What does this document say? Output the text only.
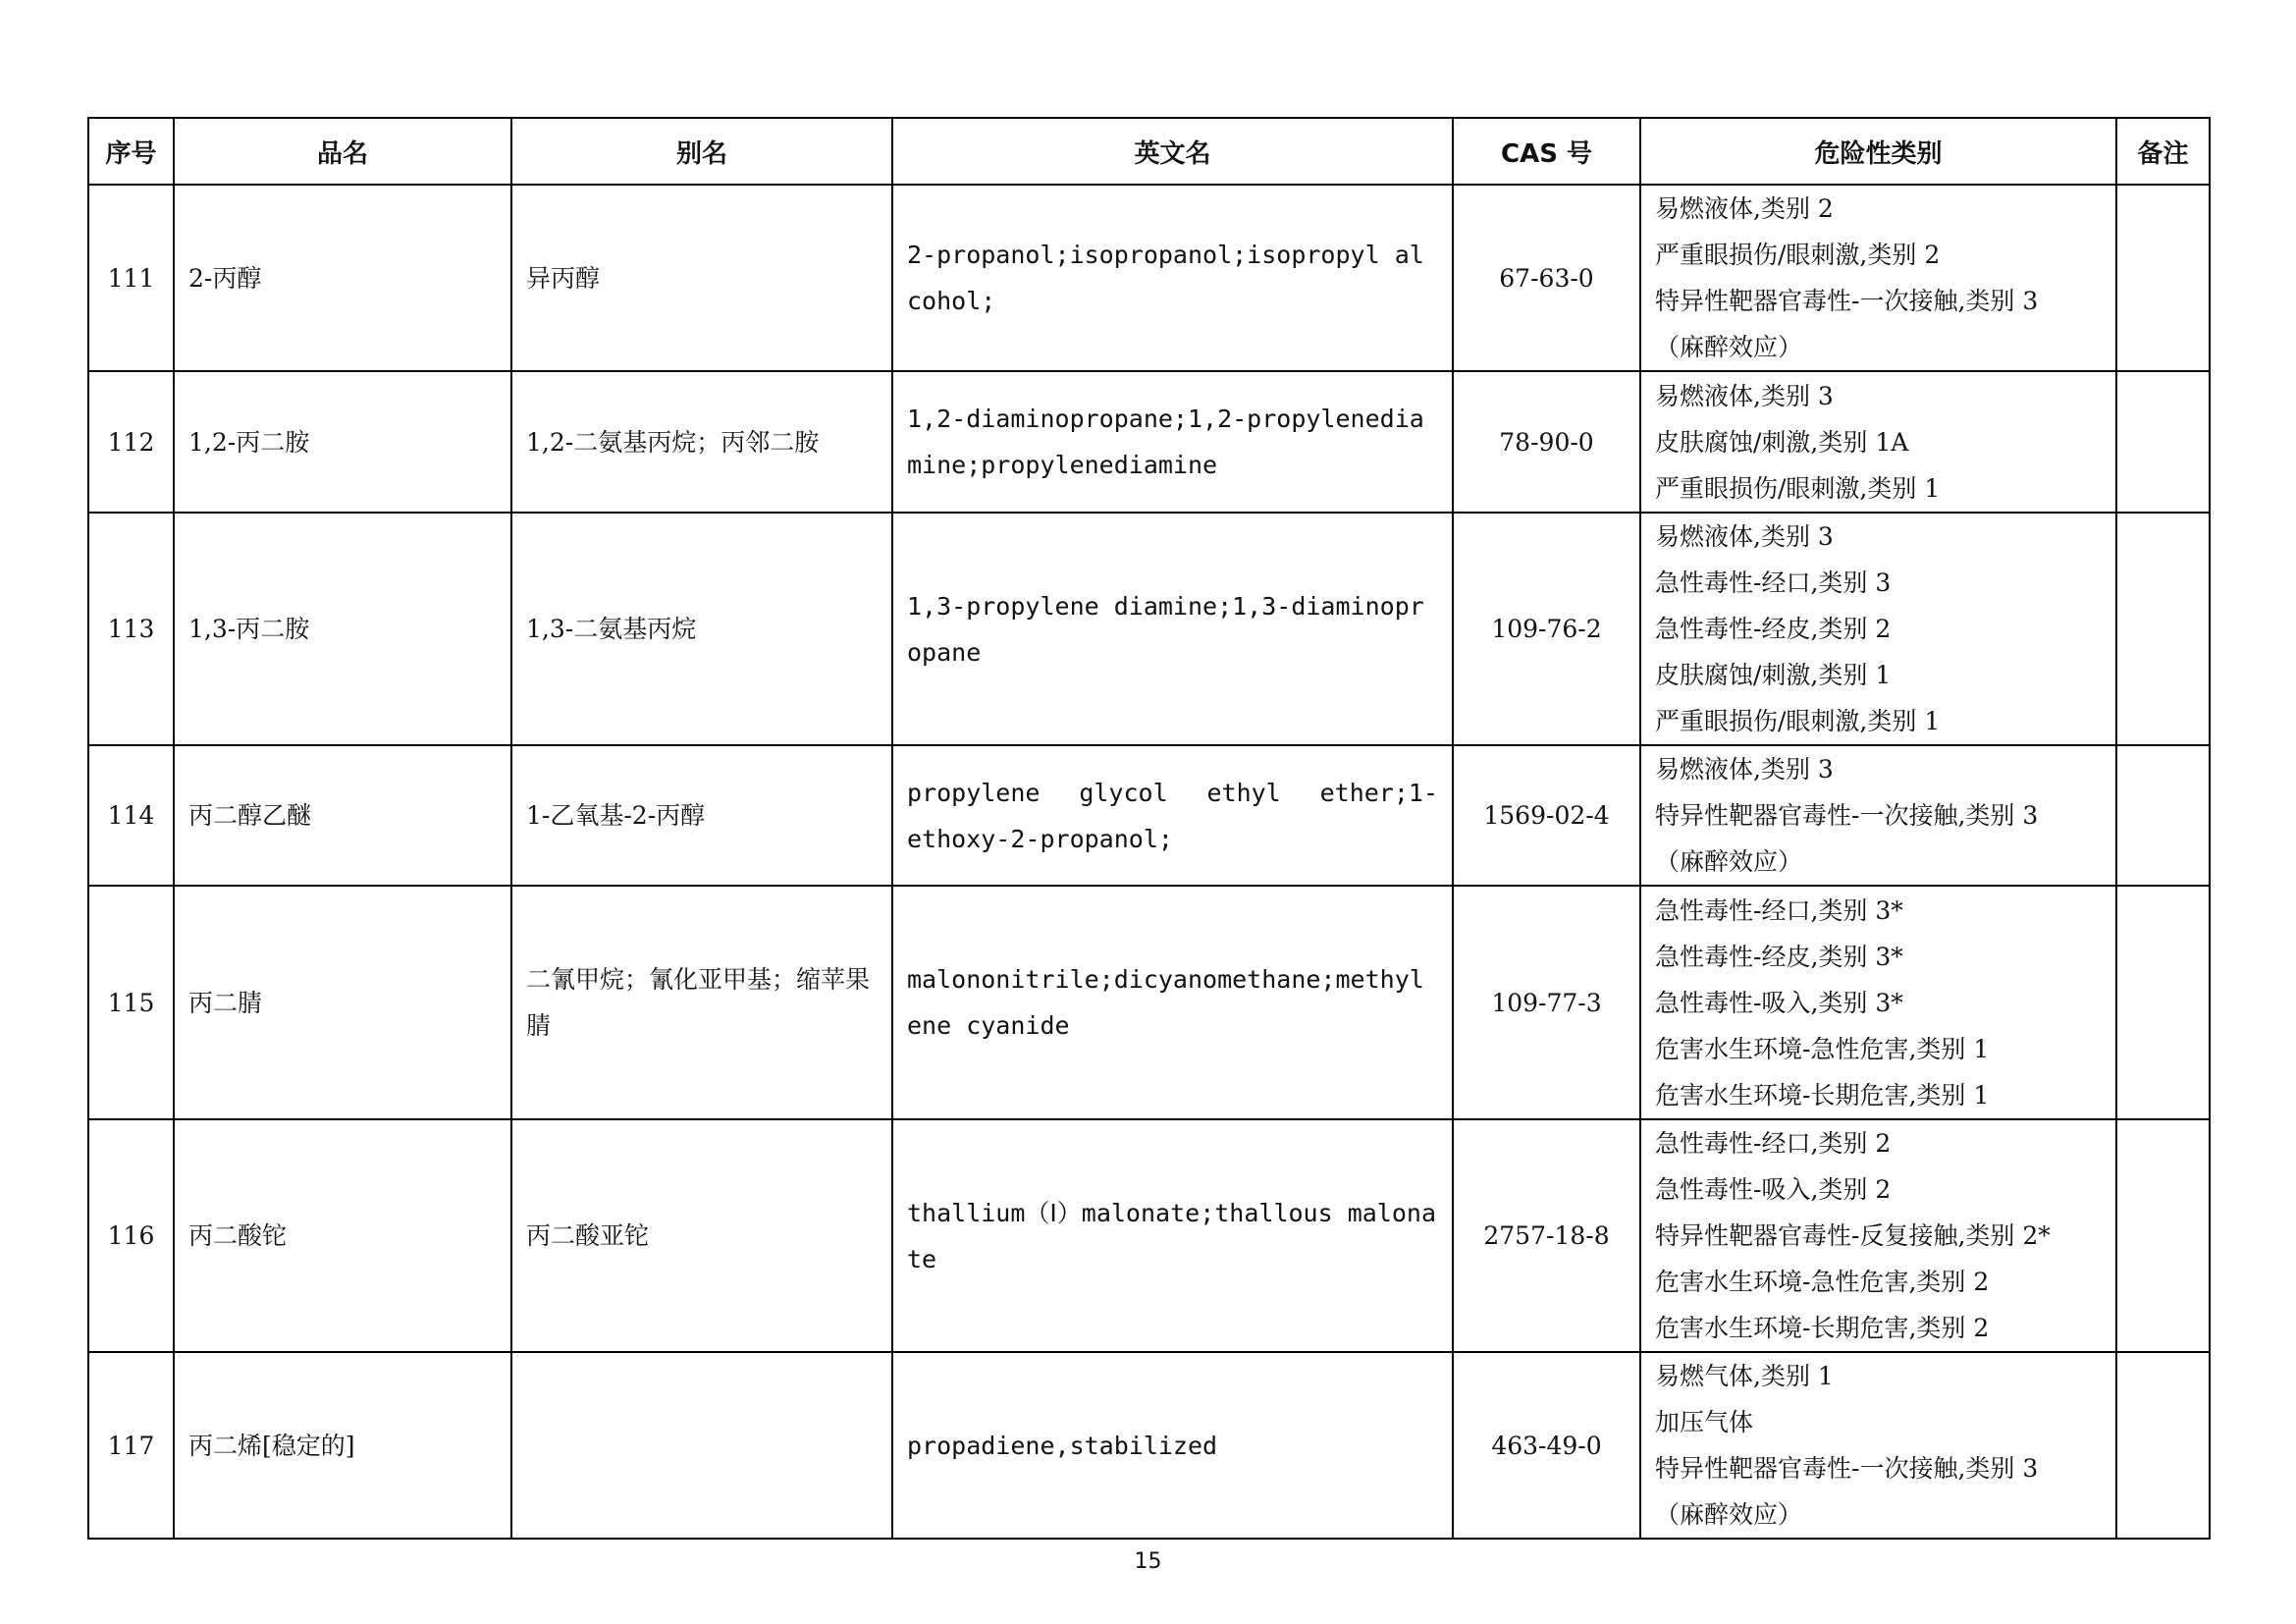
序号	品名	别名	英文名	CAS 号	危险性类别	备注
111	2-丙醇	异丙醇	2-propanol;isopropanol;isopropyl alcohol;	67-63-0	易燃液体,类别 2
严重眼损伤/眼刺激,类别 2
特异性靶器官毒性-一次接触,类别 3
（麻醉效应）	

112	1,2-丙二胺	1,2-二氨基丙烷；丙邻二胺	1,2-diaminopropane;1,2-propylenediamine;propylenediamine	78-90-0	易燃液体,类别 3
皮肤腐蚀/刺激,类别 1A
严重眼损伤/眼刺激,类别 1	

113	1,3-丙二胺	1,3-二氨基丙烷	1,3-propylene diamine;1,3-diaminopropane	109-76-2	易燃液体,类别 3
急性毒性-经口,类别 3
急性毒性-经皮,类别 2
皮肤腐蚀/刺激,类别 1
严重眼损伤/眼刺激,类别 1	

114	丙二醇乙醚	1-乙氧基-2-丙醇	propylene glycol ethyl ether;1-ethoxy-2-propanol;	1569-02-4	易燃液体,类别 3
特异性靶器官毒性-一次接触,类别 3
（麻醉效应）	

115	丙二腈	二氰甲烷；氰化亚甲基；缩苹果腈	malononitrile;dicyanomethane;methylene cyanide	109-77-3	急性毒性-经口,类别 3*
急性毒性-经皮,类别 3*
急性毒性-吸入,类别 3*
危害水生环境-急性危害,类别 1
危害水生环境-长期危害,类别 1	

116	丙二酸铊	丙二酸亚铊	thallium（Ⅰ）malonate;thallous malonate	2757-18-8	急性毒性-经口,类别 2
急性毒性-吸入,类别 2
特异性靶器官毒性-反复接触,类别 2*
危害水生环境-急性危害,类别 2
危害水生环境-长期危害,类别 2	

117	丙二烯[稳定的]		propadiene,stabilized	463-49-0	易燃气体,类别 1
加压气体
特异性靶器官毒性-一次接触,类别 3
（麻醉效应）	

15
